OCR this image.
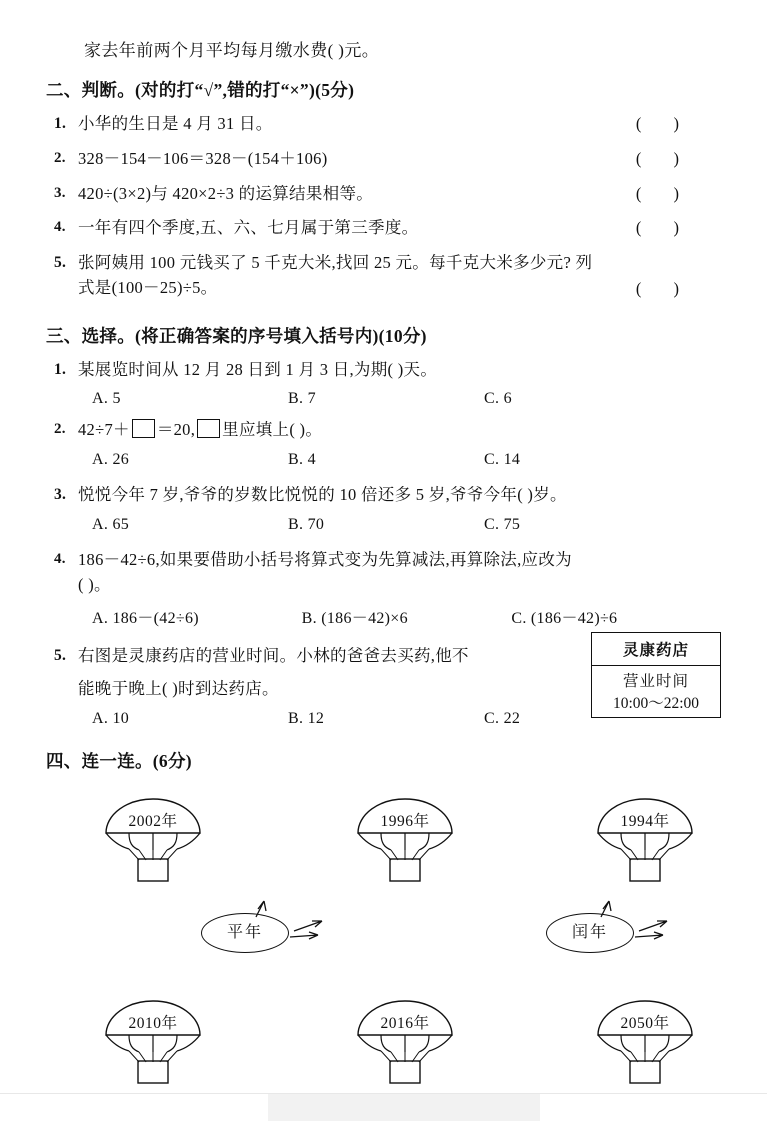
家去年前两个月平均每月缴水费( )元。
二、判断。(对的打“√”,错的打“×”)(5分)
1. 小华的生日是 4 月 31 日。	( )
2. 328－154－106＝328－(154＋106)	( )
3. 420÷(3×2)与 420×2÷3 的运算结果相等。	( )
4. 一年有四个季度,五、六、七月属于第三季度。	( )
5. 张阿姨用 100 元钱买了 5 千克大米,找回 25 元。每千克大米多少元? 列
式是(100－25)÷5。	( )
三、选择。(将正确答案的序号填入括号内)(10分)
1. 某展览时间从 12 月 28 日到 1 月 3 日,为期( )天。
A. 5	B. 7	C. 6
2. 42÷7＋ ＝20, 里应填上( )。
A. 26	B. 4	C. 14
3. 悦悦今年 7 岁,爷爷的岁数比悦悦的 10 倍还多 5 岁,爷爷今年( )岁。
A. 65	B. 70	C. 75
4. 186－42÷6,如果要借助小括号将算式变为先算减法,再算除法,应改为
( )。
A. 186－(42÷6)	B. (186－42)×6	C. (186－42)÷6
5. 右图是灵康药店的营业时间。小林的爸爸去买药,他不
能晚于晚上( )时到达药店。
灵康药店
营业时间
10:00～22:00
A. 10	B. 12	C. 22
四、连一连。(6分)
2002年	1996年	1994年
平年	闰年
2010年	2016年	2050年
